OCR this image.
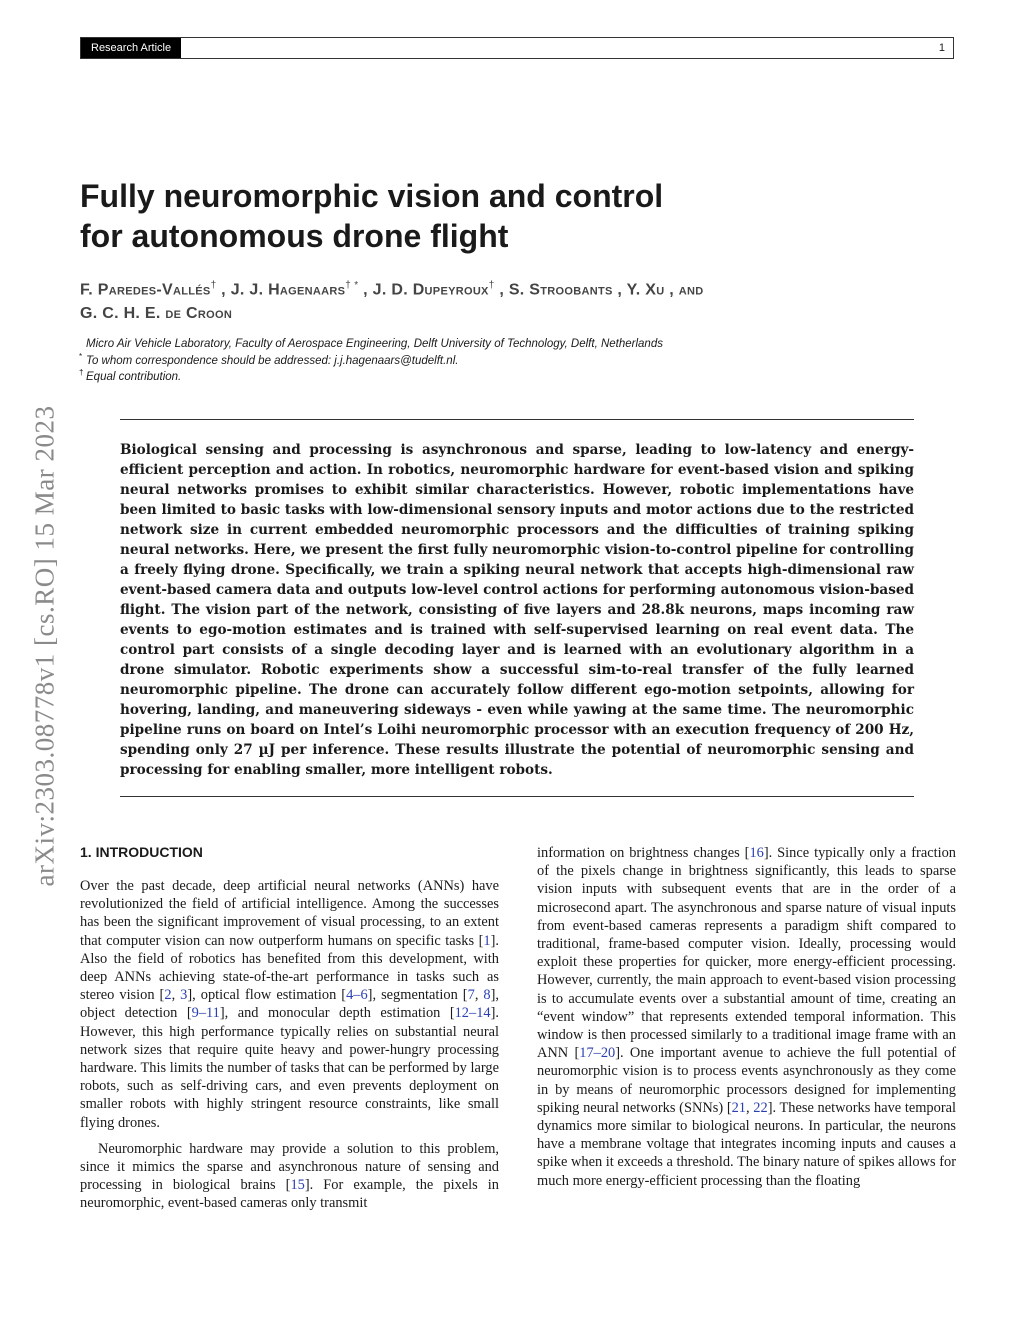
Research Article	1
arXiv:2303.08778v1 [cs.RO] 15 Mar 2023
Fully neuromorphic vision and control
for autonomous drone flight
F. Paredes-Vallés† , J. J. Hagenaars† * , J. D. Dupeyroux† , S. Stroobants , Y. Xu , and
G. C. H. E. de Croon
Micro Air Vehicle Laboratory, Faculty of Aerospace Engineering, Delft University of Technology, Delft, Netherlands
* To whom correspondence should be addressed: j.j.hagenaars@tudelft.nl.
† Equal contribution.

Biological sensing and processing is asynchronous and sparse, leading to low-latency and energy-efficient perception and action. In robotics, neuromorphic hardware for event-based vision and spiking neural networks promises to exhibit similar characteristics. However, robotic implementations have been limited to basic tasks with low-dimensional sensory inputs and motor actions due to the restricted network size in current embedded neuromorphic processors and the difficulties of training spiking neural networks. Here, we present the first fully neuromorphic vision-to-control pipeline for controlling a freely flying drone. Specifically, we train a spiking neural network that accepts high-dimensional raw event-based camera data and outputs low-level control actions for performing autonomous vision-based flight. The vision part of the network, consisting of five layers and 28.8k neurons, maps incoming raw events to ego-motion estimates and is trained with self-supervised learning on real event data. The control part consists of a single decoding layer and is learned with an evolutionary algorithm in a drone simulator. Robotic experiments show a successful sim-to-real transfer of the fully learned neuromorphic pipeline. The drone can accurately follow different ego-motion setpoints, allowing for hovering, landing, and maneuvering sideways - even while yawing at the same time. The neuromorphic pipeline runs on board on Intel’s Loihi neuromorphic processor with an execution frequency of 200 Hz, spending only 27 µJ per inference. These results illustrate the potential of neuromorphic sensing and processing for enabling smaller, more intelligent robots.

1. INTRODUCTION

Over the past decade, deep artificial neural networks (ANNs) have revolutionized the field of artificial intelligence. Among the successes has been the significant improvement of visual processing, to an extent that computer vision can now outperform humans on specific tasks [1]. Also the field of robotics has benefited from this development, with deep ANNs achieving state-of-the-art performance in tasks such as stereo vision [2, 3], optical flow estimation [4–6], segmentation [7, 8], object detection [9–11], and monocular depth estimation [12–14]. However, this high performance typically relies on substantial neural network sizes that require quite heavy and power-hungry processing hardware. This limits the number of tasks that can be performed by large robots, such as self-driving cars, and even prevents deployment on smaller robots with highly stringent resource constraints, like small flying drones.

Neuromorphic hardware may provide a solution to this problem, since it mimics the sparse and asynchronous nature of sensing and processing in biological brains [15]. For example, the pixels in neuromorphic, event-based cameras only transmit

information on brightness changes [16]. Since typically only a fraction of the pixels change in brightness significantly, this leads to sparse vision inputs with subsequent events that are in the order of a microsecond apart. The asynchronous and sparse nature of visual inputs from event-based cameras represents a paradigm shift compared to traditional, frame-based computer vision. Ideally, processing would exploit these properties for quicker, more energy-efficient processing. However, currently, the main approach to event-based vision processing is to accumulate events over a substantial amount of time, creating an “event window” that represents extended temporal information. This window is then processed similarly to a traditional image frame with an ANN [17–20]. One important avenue to achieve the full potential of neuromorphic vision is to process events asynchronously as they come in by means of neuromorphic processors designed for implementing spiking neural networks (SNNs) [21, 22]. These networks have temporal dynamics more similar to biological neurons. In particular, the neurons have a membrane voltage that integrates incoming inputs and causes a spike when it exceeds a threshold. The binary nature of spikes allows for much more energy-efficient processing than the floating
